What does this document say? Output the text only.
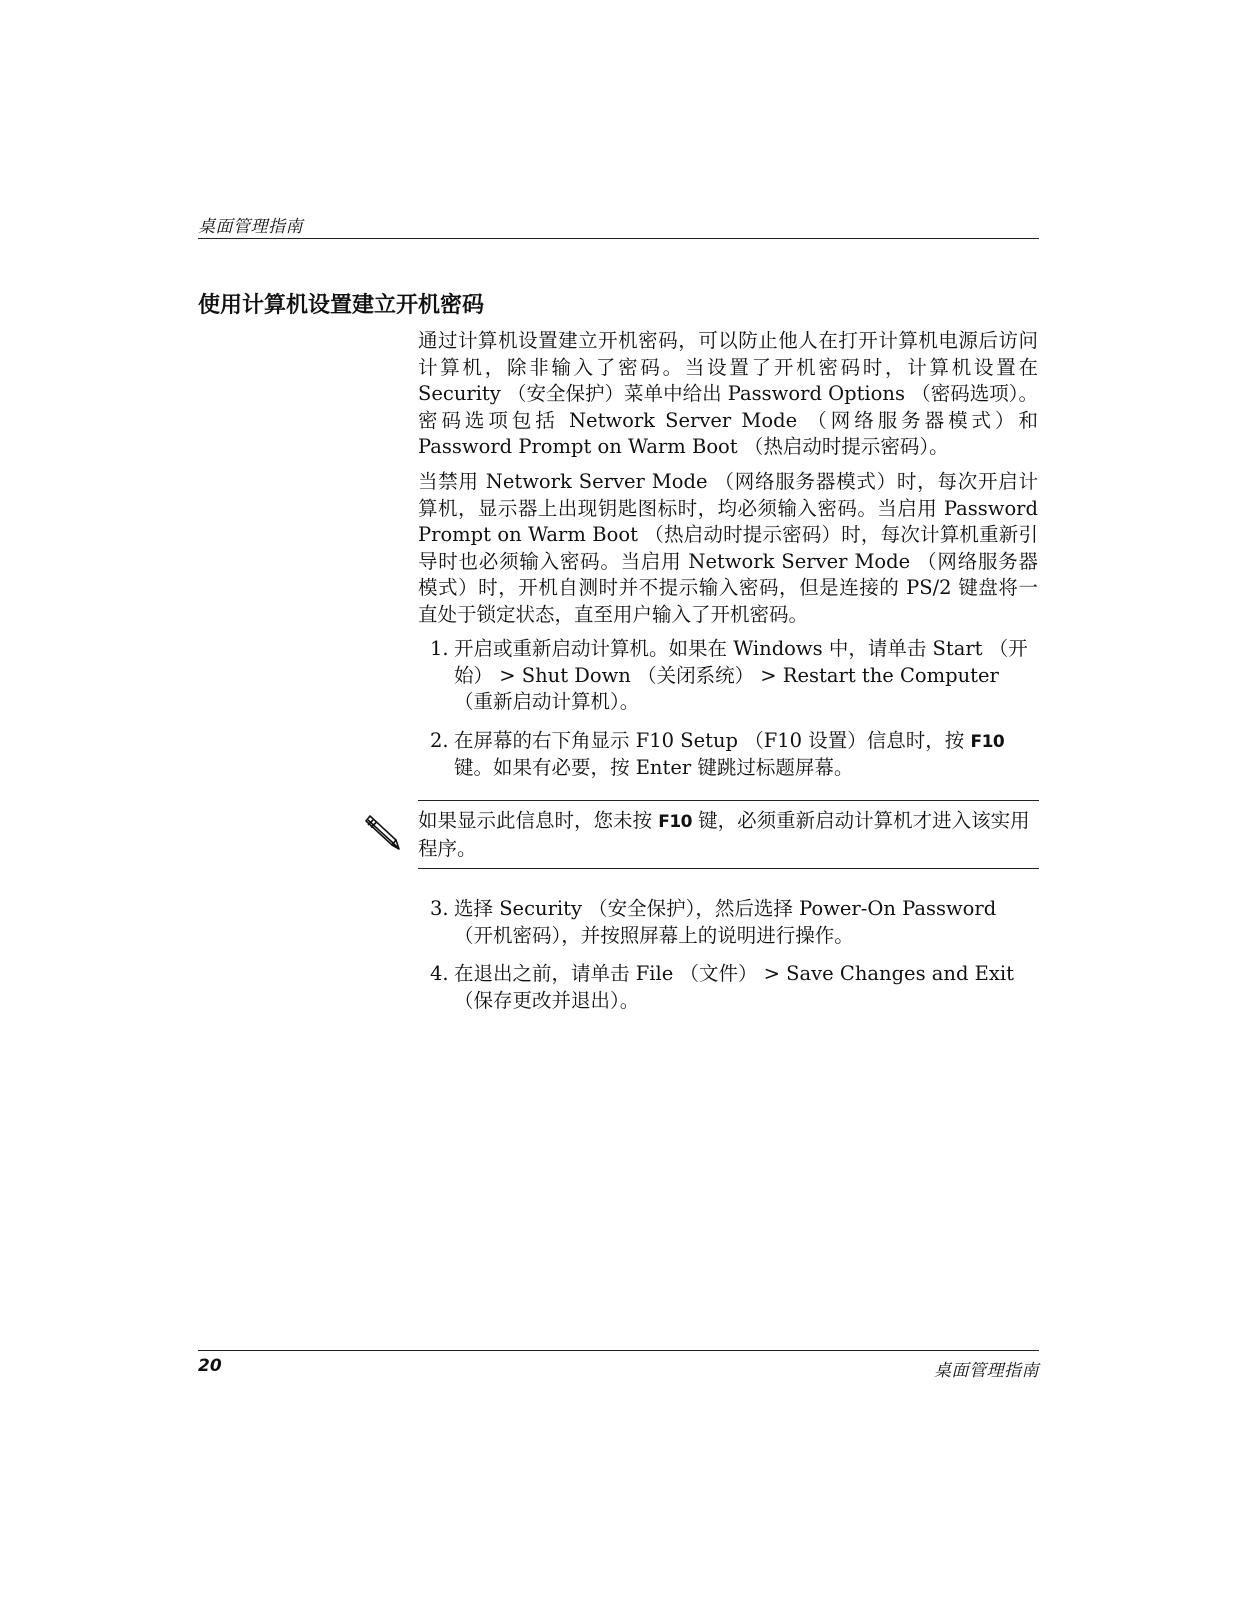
桌面管理指南
使用计算机设置建立开机密码
通过计算机设置建立开机密码，可以防止他人在打开计算机电源后访问计算机，除非输入了密码。当设置了开机密码时，计算机设置在 Security （安全保护）菜单中给出 Password Options （密码选项）。密码选项包括 Network Server Mode （网络服务器模式）和 Password Prompt on Warm Boot （热启动时提示密码）。
当禁用 Network Server Mode （网络服务器模式）时，每次开启计算机，显示器上出现钥匙图标时，均必须输入密码。当启用 Password Prompt on Warm Boot （热启动时提示密码）时，每次计算机重新引导时也必须输入密码。当启用 Network Server Mode （网络服务器模式）时，开机自测时并不提示输入密码，但是连接的 PS/2 键盘将一直处于锁定状态，直至用户输入了开机密码。
1. 开启或重新启动计算机。如果在 Windows 中，请单击 Start （开始） > Shut Down （关闭系统） > Restart the Computer （重新启动计算机）。
2. 在屏幕的右下角显示 F10 Setup （F10 设置）信息时，按 F10 键。如果有必要，按 Enter 键跳过标题屏幕。
如果显示此信息时，您未按 F10 键，必须重新启动计算机才进入该实用程序。
3. 选择 Security （安全保护），然后选择 Power-On Password （开机密码），并按照屏幕上的说明进行操作。
4. 在退出之前，请单击 File （文件） > Save Changes and Exit （保存更改并退出）。
20	桌面管理指南
